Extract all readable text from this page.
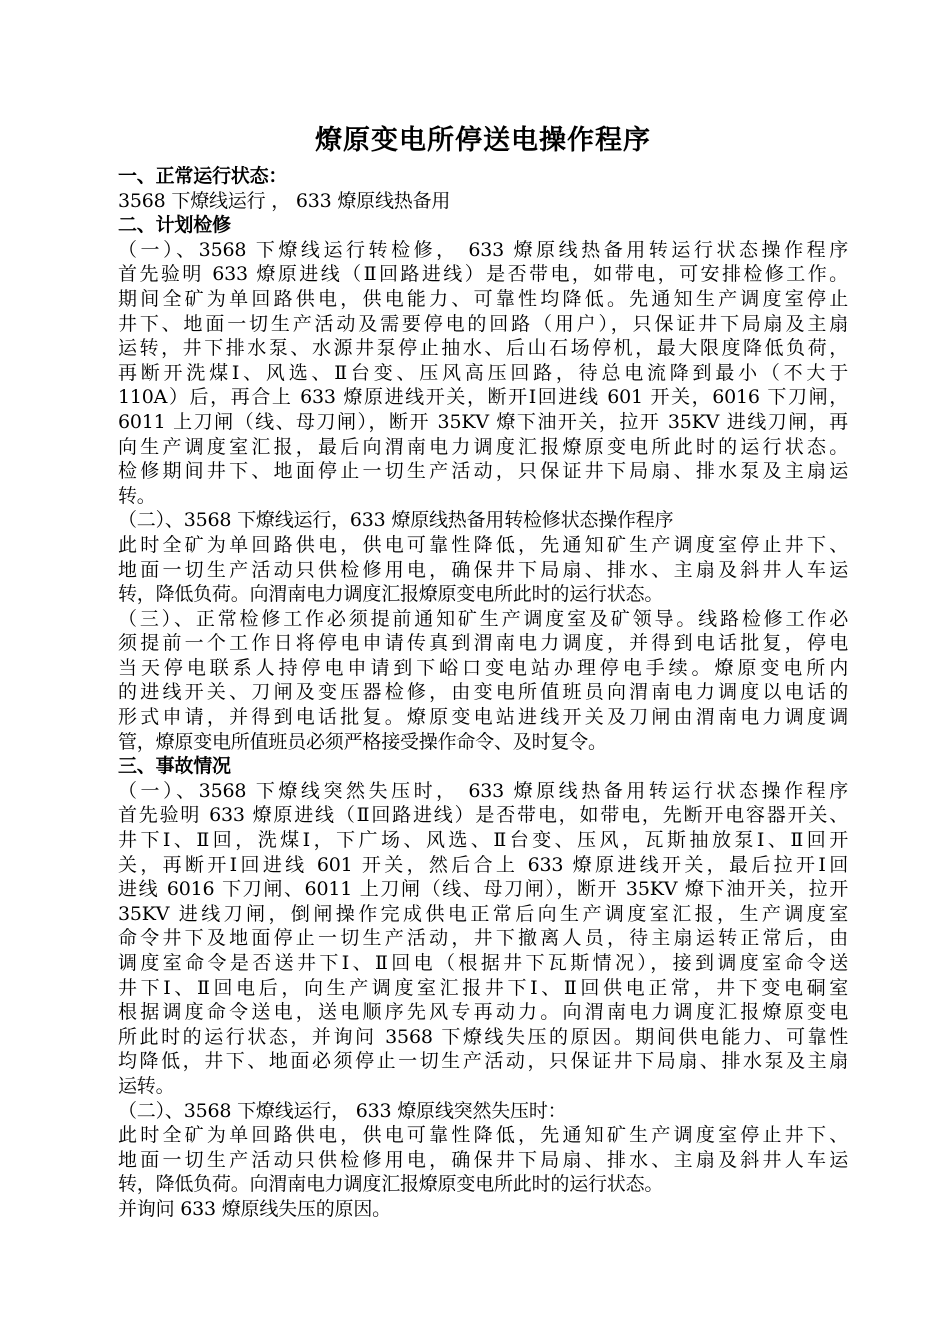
燎原变电所停送电操作程序
一、正常运行状态：
3568 下燎线运行 ， 633 燎原线热备用
二、计划检修
（一）、3568 下燎线运行转检修， 633 燎原线热备用转运行状态操作程序
首先验明 633 燎原进线（Ⅱ回路进线）是否带电，如带电，可安排检修工作。
期间全矿为单回路供电，供电能力、可靠性均降低。先通知生产调度室停止
井下、地面一切生产活动及需要停电的回路（用户），只保证井下局扇及主扇
运转，井下排水泵、水源井泵停止抽水、后山石场停机，最大限度降低负荷，
再断开洗煤Ⅰ、风选、Ⅱ台变、压风高压回路，待总电流降到最小（不大于
110A）后，再合上 633 燎原进线开关，断开Ⅰ回进线 601 开关，6016 下刀闸，
6011 上刀闸（线、母刀闸），断开 35KV 燎下油开关，拉开 35KV 进线刀闸，再
向生产调度室汇报，最后向渭南电力调度汇报燎原变电所此时的运行状态。
检修期间井下、地面停止一切生产活动，只保证井下局扇、排水泵及主扇运
转。
（二）、3568 下燎线运行，633 燎原线热备用转检修状态操作程序
此时全矿为单回路供电，供电可靠性降低，先通知矿生产调度室停止井下、
地面一切生产活动只供检修用电，确保井下局扇、排水、主扇及斜井人车运
转，降低负荷。向渭南电力调度汇报燎原变电所此时的运行状态。
（三）、正常检修工作必须提前通知矿生产调度室及矿领导。线路检修工作必
须提前一个工作日将停电申请传真到渭南电力调度，并得到电话批复，停电
当天停电联系人持停电申请到下峪口变电站办理停电手续。燎原变电所内
的进线开关、刀闸及变压器检修，由变电所值班员向渭南电力调度以电话的
形式申请，并得到电话批复。燎原变电站进线开关及刀闸由渭南电力调度调
管，燎原变电所值班员必须严格接受操作命令、及时复令。
三、事故情况
（一）、3568 下燎线突然失压时， 633 燎原线热备用转运行状态操作程序
首先验明 633 燎原进线（Ⅱ回路进线）是否带电，如带电，先断开电容器开关、
井下Ⅰ、Ⅱ回，洗煤Ⅰ，下广场、风选、Ⅱ台变、压风，瓦斯抽放泵Ⅰ、Ⅱ回开
关，再断开Ⅰ回进线 601 开关，然后合上 633 燎原进线开关，最后拉开Ⅰ回
进线 6016 下刀闸、6011 上刀闸（线、母刀闸），断开 35KV 燎下油开关，拉开
35KV 进线刀闸，倒闸操作完成供电正常后向生产调度室汇报，生产调度室
命令井下及地面停止一切生产活动，井下撤离人员，待主扇运转正常后，由
调度室命令是否送井下Ⅰ、Ⅱ回电（根据井下瓦斯情况），接到调度室命令送
井下Ⅰ、Ⅱ回电后，向生产调度室汇报井下Ⅰ、Ⅱ回供电正常，井下变电硐室
根据调度命令送电，送电顺序先风专再动力。向渭南电力调度汇报燎原变电
所此时的运行状态，并询问 3568 下燎线失压的原因。期间供电能力、可靠性
均降低，井下、地面必须停止一切生产活动，只保证井下局扇、排水泵及主扇
运转。
（二）、3568 下燎线运行， 633 燎原线突然失压时：
此时全矿为单回路供电，供电可靠性降低，先通知矿生产调度室停止井下、
地面一切生产活动只供检修用电，确保井下局扇、排水、主扇及斜井人车运
转，降低负荷。向渭南电力调度汇报燎原变电所此时的运行状态。
并询问 633 燎原线失压的原因。
